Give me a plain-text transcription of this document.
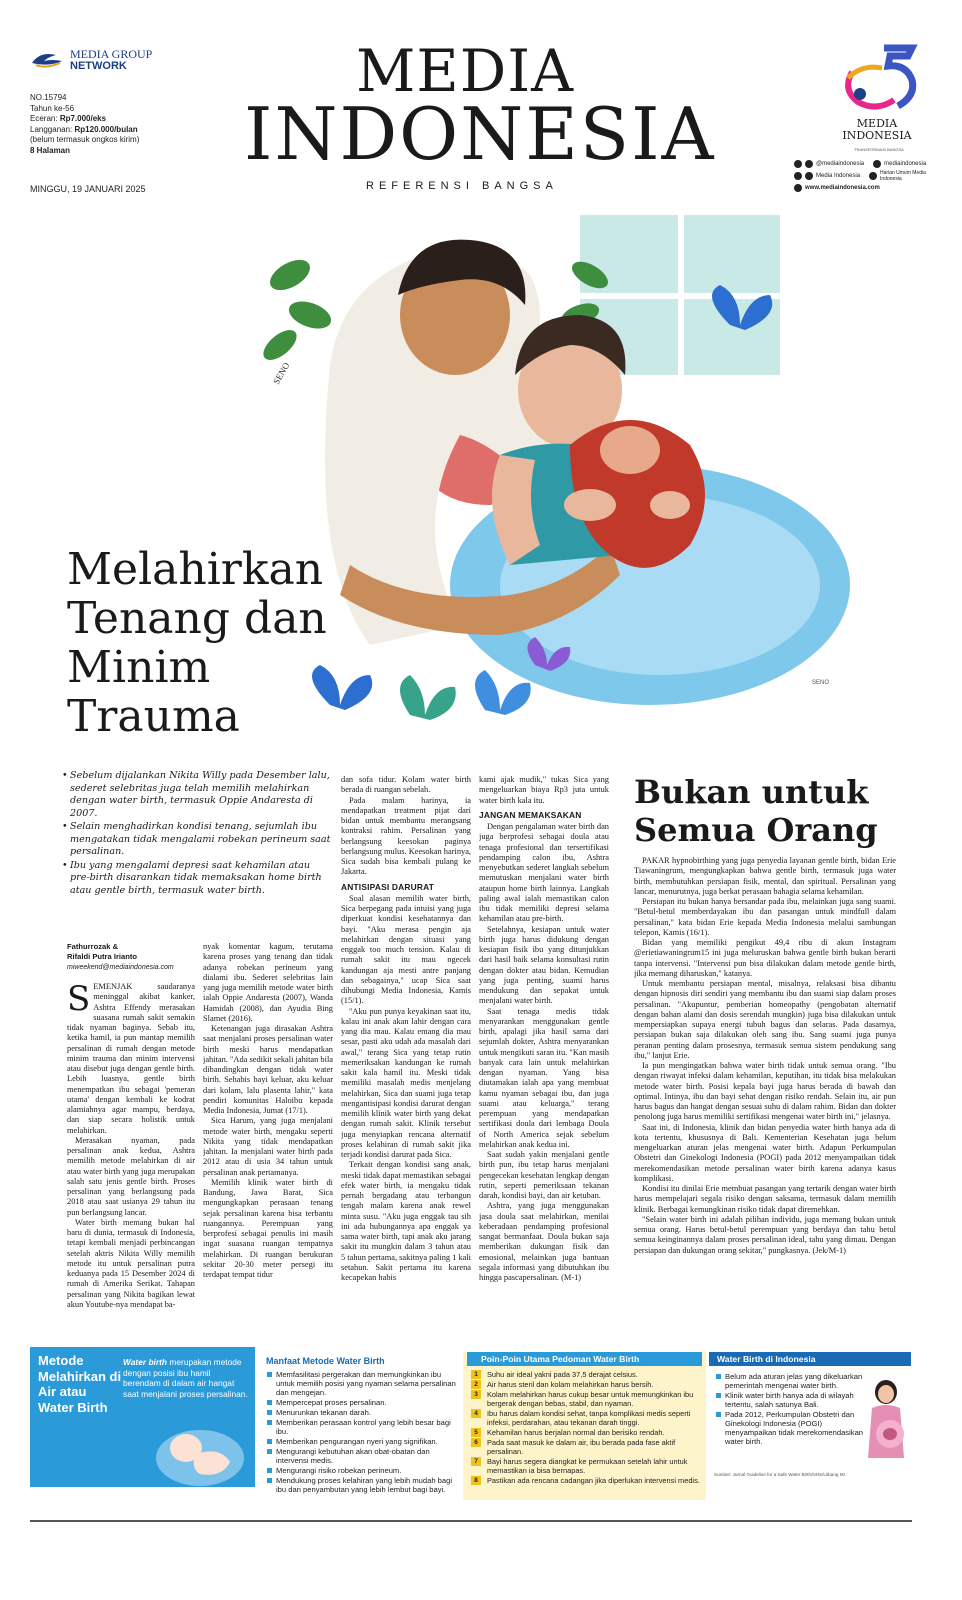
MEDIA GROUP
NETWORK
NO.15794
Tahun ke-56
Eceran: Rp7.000/eks
Langganan: Rp120.000/bulan
(belum termasuk ongkos kirim)
8 Halaman
MINGGU, 19 JANUARI 2025
MEDIA
INDONESIA
REFERENSI BANGSA
MEDIA INDONESIA
TRANSFORMASI BANGSA
@mediaindonesia	mediaindonesia
Media Indonesia	Harian Umum Media Indonesia
www.mediaindonesia.com
SENO
SENO
Melahirkan Tenang dan Minim Trauma
• Sebelum dijalankan Nikita Willy pada Desember lalu, sederet selebritas juga telah memilih melahirkan dengan water birth, termasuk Oppie Andaresta di 2007.
• Selain menghadirkan kondisi tenang, sejumlah ibu mengatakan tidak mengalami robekan perineum saat persalinan.
• Ibu yang mengalami depresi saat kehamilan atau pre-birth disarankan tidak memaksakan home birth atau gentle birth, termasuk water birth.
Fathurrozak &
Rifaldi Putra Irianto
miweekend@mediaindonesia.com

SEMENJAK saudaranya meninggal akibat kanker, Ashtra Effendy merasakan suasana rumah sakit semakin tidak nyaman baginya. Sebab itu, ketika hamil, ia pun mantap memilih persalinan di rumah dengan metode minim trauma dan minim intervensi atau disebut juga dengan gentle birth. Lebih luasnya, gentle birth menempatkan ibu sebagai 'pemeran utama' dengan kembali ke kodrat alamiahnya agar mampu, berdaya, dan siap secara holistik untuk melahirkan.

Merasakan nyaman, pada persalinan anak kedua, Ashtra memilih metode melahirkan di air atau water birth yang juga merupakan salah satu jenis gentle birth. Proses persalinan yang berlangsung pada 2018 atau saat usianya 29 tahun itu pun berlangsung lancar.

Water birth memang bukan hal baru di dunia, termasuk di Indonesia, tetapi kembali menjadi perbincangan setelah aktris Nikita Willy memilih metode itu untuk persalinan putra keduanya pada 15 Desember 2024 di rumah di Amerika Serikat. Tahapan persalinan yang Nikita bagikan lewat akun Youtube-nya mendapat ba-

nyak komentar kagum, terutama karena proses yang tenang dan tidak adanya robekan perineum yang dialami ibu. Sederet selebritas lain yang juga memilih metode water birth ialah Oppie Andaresta (2007), Wanda Hamidah (2008), dan Ayudia Bing Slamet (2016).

Ketenangan juga dirasakan Ashtra saat menjalani proses persalinan water birth meski harus mendapatkan jahitan. "Ada sedikit sekali jahitan bila dibandingkan dengan tidak water birth. Sehabis bayi keluar, aku keluar dari kolam, lalu plasenta lahir," kata pendiri komunitas Haloibu kepada Media Indonesia, Jumat (17/1).

Sica Harum, yang juga menjalani metode water birth, mengaku seperti Nikita yang tidak mendapatkan jahitan. Ia menjalani water birth pada 2012 atau di usia 34 tahun untuk persalinan anak pertamanya.

Memilih klinik water birth di Bandung, Jawa Barat, Sica mengungkapkan perasaan tenang sejak persalinan karena bisa terbantu ruangannya. Perempuan yang berprofesi sebagai penulis ini masih ingat suasana ruangan tempatnya melahirkan. Di ruangan berukuran sekitar 20-30 meter persegi itu terdapat tempat tidur

dan sofa tidur. Kolam water birth berada di ruangan sebelah.

Pada malam harinya, ia mendapatkan treatment pijat dari bidan untuk membantu merangsang kontraksi rahim. Persalinan yang berlangsung keesokan paginya berlangsung mulus. Keesokan harinya, Sica sudah bisa kembali pulang ke Jakarta.

ANTISIPASI DARURAT

Soal alasan memilih water birth, Sica berpegang pada intuisi yang juga diperkuat kondisi kesehatannya dan bayi. "Aku merasa pengin aja melahirkan dengan situasi yang enggak too much tension. Kalau di rumah sakit itu mau ngecek kandungan aja mesti antre panjang dan sebagainya," ucap Sica saat dihubungi Media Indonesia, Kamis (15/1).

"Aku pun punya keyakinan saat itu, kalau ini anak akan lahir dengan cara yang dia mau. Kalau emang dia mau sesar, pasti aku udah ada masalah dari awal," terang Sica yang tetap rutin memeriksakan kandungan ke rumah sakit kala hamil itu. Meski tidak memiliki masalah medis menjelang melahirkan, Sica dan suami juga tetap mengantisipasi kondisi darurat dengan memilih klinik water birth yang dekat dengan rumah sakit. Klinik tersebut juga menyiapkan rencana alternatif proses kelahiran di rumah sakit jika terjadi kondisi darurat pada Sica.

Terkait dengan kondisi sang anak, meski tidak dapat memastikan sebagai efek water birth, ia mengaku tidak pernah bergadang atau terbangun tengah malam karena anak rewel minta susu. "Aku juga enggak tau sih ini ada hubungannya apa enggak ya sama water birth, tapi anak aku jarang sakit itu mungkin dalam 3 tahun atau 5 tahun pertama, sakitnya paling 1 kali setahun. Sakit pertama itu karena kecapekan habis

kami ajak mudik," tukas Sica yang mengeluarkan biaya Rp3 juta untuk water birth kala itu.

JANGAN MEMAKSAKAN

Dengan pengalaman water birth dan juga berprofesi sebagai doula atau tenaga profesional dan tersertifikasi pendamping calon ibu, Ashtra menyebutkan sederet langkah sebelum memutuskan menjalani water birth ataupun home birth lainnya. Langkah paling awal ialah memastikan calon ibu tidak memiliki depresi selama kehamilan atau pre-birth.

Setelahnya, kesiapan untuk water birth juga harus didukung dengan kesiapan fisik ibu yang ditunjukkan dari hasil baik selama konsultasi rutin dengan dokter atau bidan. Kemudian yang juga penting, suami harus mendukung dan sepakat untuk menjalani water birth.

Saat tenaga medis tidak menyarankan menggunakan gentle birth, apalagi jika hasil sama dari sejumlah dokter, Ashtra menyarankan untuk mengikuti saran itu. "Kan masih banyak cara lain untuk melahirkan dengan nyaman. Yang bisa diutamakan ialah apa yang membuat kamu nyaman sebagai ibu, dan juga suami atau keluarga," terang perempuan yang mendapatkan sertifikasi doula dari lembaga Doula of North America sejak sebelum melahirkan anak kedua ini.

Saat sudah yakin menjalani gentle birth pun, ibu tetap harus menjalani pengecekan kesehatan lengkap dengan rutin, seperti pemeriksaan tekanan darah, kondisi bayi, dan air ketuban.

Ashtra, yang juga menggunakan jasa doula saat melahirkan, menilai keberadaan pendamping profesional sangat bermanfaat. Doula bukan saja memberikan dukungan fisik dan emosional, melainkan juga bantuan segala informasi yang dibutuhkan ibu hingga pascapersalinan. (M-1)

Bukan untuk Semua Orang

PAKAR hypnobirthing yang juga penyedia layanan gentle birth, bidan Erie Tiawaningrum, mengungkapkan bahwa gentle birth, termasuk juga water birth, membutuhkan persiapan fisik, mental, dan spiritual. Persalinan yang lancar, menurutnya, juga berkat perasaan bahagia selama kehamilan.

Persiapan itu bukan hanya bersandar pada ibu, melainkan juga sang suami. "Betul-betul memberdayakan ibu dan pasangan untuk mindfull dalam persalinan," kata bidan Erie kepada Media Indonesia melalui sambungan telepon, Kamis (16/1).

Bidan yang memiliki pengikut 49,4 ribu di akun Instagram @erietiawaningrum15 ini juga meluruskan bahwa gentle birth bukan berarti tanpa intervensi. "Intervensi pun bisa dilakukan dalam metode gentle birth, jika memang diharuskan," katanya.

Untuk membantu persiapan mental, misalnya, relaksasi bisa dibantu dengan hipnosis diri sendiri yang membantu ibu dan suami siap dalam proses persalinan. "Akupuntur, pemberian homeopathy (pengobatan alternatif dengan bahan alami dan dosis serendah mungkin) juga bisa dilakukan untuk mempersiapkan supaya energi tubuh bagus dan selaras. Pada dasarnya, persiapan bukan saja dilakukan oleh sang ibu. Sang suami juga punya peranan penting dalam prosesnya, termasuk semua sistem pendukung sang ibu," lanjut Erie.

Ia pun mengingatkan bahwa water birth tidak untuk semua orang. "Ibu dengan riwayat infeksi dalam kehamilan, keputihan, itu tidak bisa melakukan metode water birth. Posisi kepala bayi juga harus berada di bawah dan optimal. Intinya, ibu dan bayi sehat dengan risiko rendah. Selain itu, air pun harus bagus dan hangat dengan sesuai suhu di dalam rahim. Bidan dan dokter penolong juga harus memiliki sertifikasi mengenai water birth ini," jelasnya.

Saat ini, di Indonesia, klinik dan bidan penyedia water birth hanya ada di kota tertentu, khususnya di Bali. Kementerian Kesehatan juga belum mengeluarkan aturan jelas mengenai water birth. Adapun Perkumpulan Obstetri dan Ginekologi Indonesia (POGI) pada 2012 menyampaikan tidak merekomendasikan metode persalinan water birth karena adanya kasus komplikasi.

Kondisi itu dinilai Erie membuat pasangan yang tertarik dengan water birth harus mempelajari segala risiko dengan saksama, termasuk dalam memilih klinik. Berbagai kemungkinan risiko tidak dapat diremehkan.

"Selain water birth ini adalah pilihan individu, juga memang bukan untuk semua orang. Harus betul-betul perempuan yang berdaya dan tahu betul semua keinginannya dalam proses persalinan ideal, tahu yang dimau. Dengan persiapan dan dukungan orang sekitar," pungkasnya. (Jek/M-1)

Metode Melahirkan di Air atau Water Birth
Water birth merupakan metode dengan posisi ibu hamil berendam di dalam air hangat saat menjalani proses persalinan.
Manfaat Metode Water Birth
Memfasilitasi pergerakan dan memungkinkan ibu untuk memilih posisi yang nyaman selama persalinan dan mengejan.
Mempercepat proses persalinan.
Menurunkan tekanan darah.
Memberikan perasaan kontrol yang lebih besar bagi ibu.
Memberikan pengurangan nyeri yang signifikan.
Mengurangi kebutuhan akan obat-obatan dan intervensi medis.
Mengurangi risiko robekan perineum.
Mendukung proses kelahiran yang lebih mudah bagi ibu dan penyambutan yang lebih lembut bagi bayi.
Poin-Poin Utama Pedoman Water Birth
1	Suhu air ideal yakni pada 37,5 derajat celsius.
2	Air harus steril dan kolam melahirkan harus bersih.
3	Kolam melahirkan harus cukup besar untuk memungkinkan ibu bergerak dengan bebas, stabil, dan nyaman.
4	Ibu harus dalam kondisi sehat, tanpa komplikasi medis seperti infeksi, perdarahan, atau tekanan darah tinggi.
5	Kehamilan harus berjalan normal dan berisiko rendah.
6	Pada saat masuk ke dalam air, ibu berada pada fase aktif persalinan.
7	Bayi harus segera diangkat ke permukaan setelah lahir untuk memastikan ia bisa bernapas.
8	Pastikan ada rencana cadangan jika diperlukan intervensi medis.
Water Birth di Indonesia
Belum ada aturan jelas yang dikeluarkan pemerintah mengenai water birth.
Klinik water birth hanya ada di wilayah tertentu, salah satunya Bali.
Pada 2012, Perkumpulan Obstetri dan Ginekologi Indonesia (POGI) menyampaikan tidak merekomendasikan water birth.
Sumber: Jurnal Guideline for a Safe Water Birth/NHS/Litbang MI
